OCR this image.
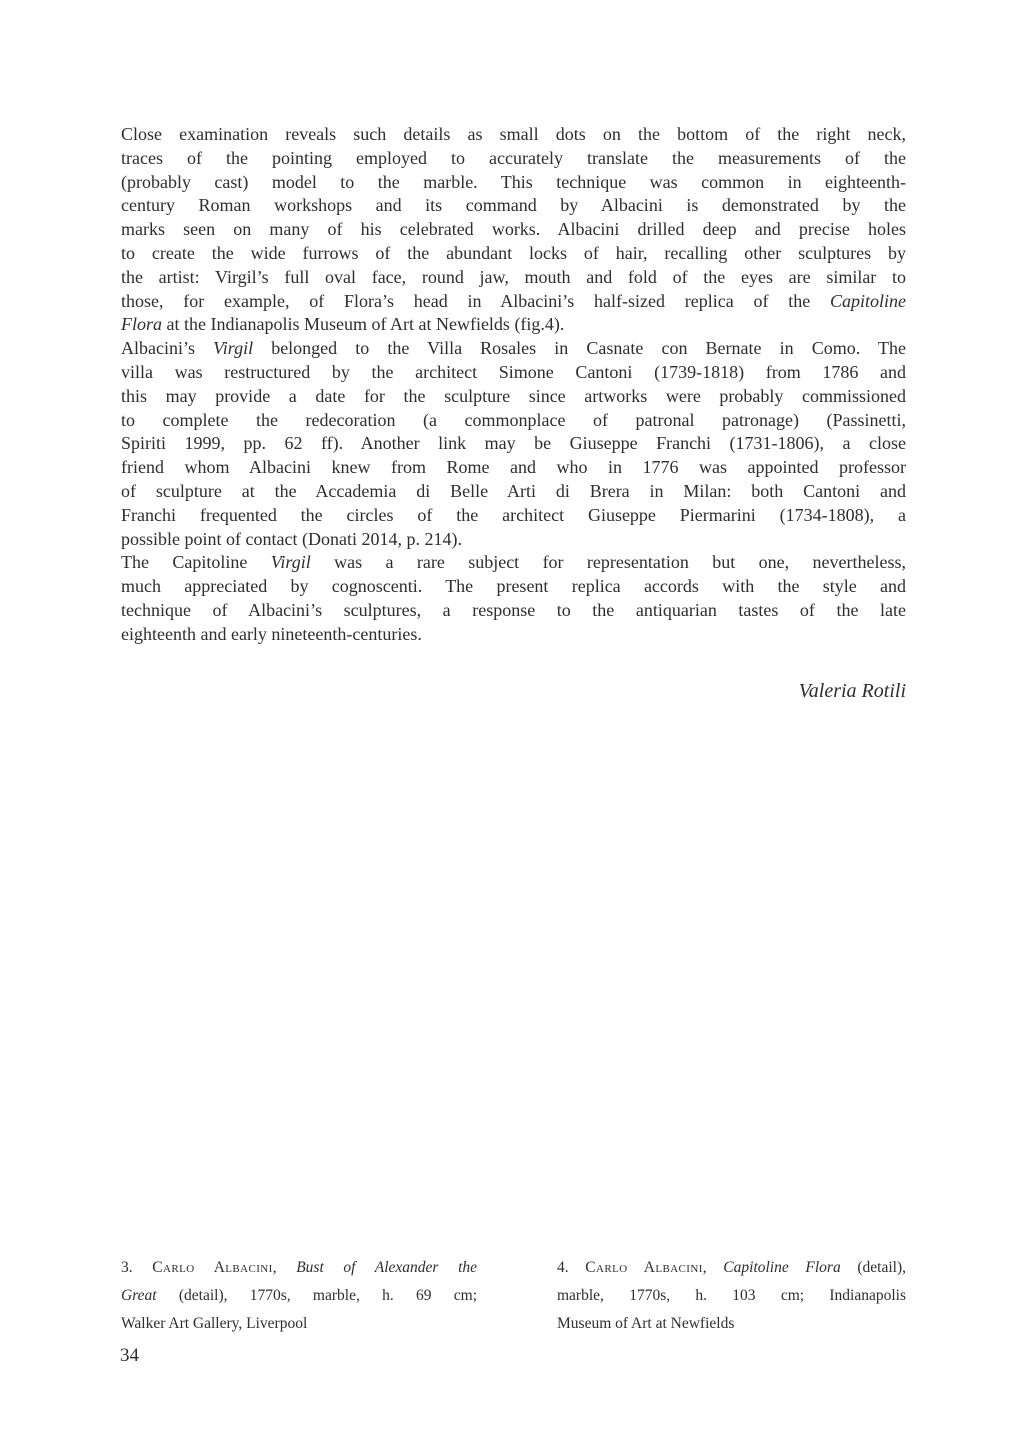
Close examination reveals such details as small dots on the bottom of the right neck,
traces of the pointing employed to accurately translate the measurements of the
(probably cast) model to the marble. This technique was common in eighteenth-
century Roman workshops and its command by Albacini is demonstrated by the
marks seen on many of his celebrated works. Albacini drilled deep and precise holes
to create the wide furrows of the abundant locks of hair, recalling other sculptures by
the artist: Virgil’s full oval face, round jaw, mouth and fold of the eyes are similar to
those, for example, of Flora’s head in Albacini’s half-sized replica of the Capitoline
Flora at the Indianapolis Museum of Art at Newfields (fig.4).
Albacini’s Virgil belonged to the Villa Rosales in Casnate con Bernate in Como. The
villa was restructured by the architect Simone Cantoni (1739-1818) from 1786 and
this may provide a date for the sculpture since artworks were probably commissioned
to complete the redecoration (a commonplace of patronal patronage) (Passinetti,
Spiriti 1999, pp. 62 ff). Another link may be Giuseppe Franchi (1731-1806), a close
friend whom Albacini knew from Rome and who in 1776 was appointed professor
of sculpture at the Accademia di Belle Arti di Brera in Milan: both Cantoni and
Franchi frequented the circles of the architect Giuseppe Piermarini (1734-1808), a
possible point of contact (Donati 2014, p. 214).
The Capitoline Virgil was a rare subject for representation but one, nevertheless,
much appreciated by cognoscenti. The present replica accords with the style and
technique of Albacini’s sculptures, a response to the antiquarian tastes of the late
eighteenth and early nineteenth-centuries.
Valeria Rotili
3. Carlo Albacini, Bust of Alexander the
Great (detail), 1770s, marble, h. 69 cm;
Walker Art Gallery, Liverpool
4. Carlo Albacini, Capitoline Flora (detail),
marble, 1770s, h. 103 cm; Indianapolis
Museum of Art at Newfields
34
